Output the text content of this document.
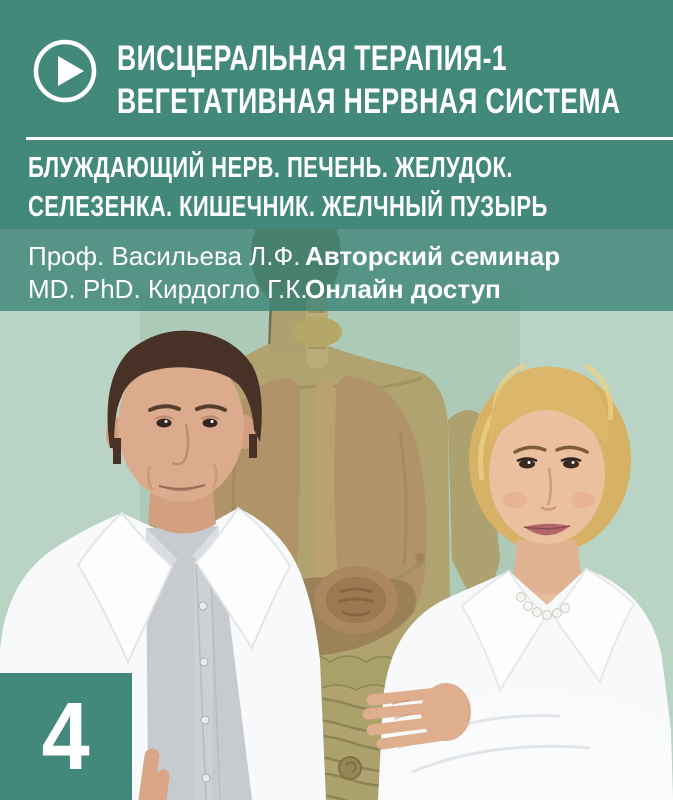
ВИСЦЕРАЛЬНАЯ ТЕРАПИЯ-1
ВЕГЕТАТИВНАЯ НЕРВНАЯ СИСТЕМА
БЛУЖДАЮЩИЙ НЕРВ. ПЕЧЕНЬ. ЖЕЛУДОК.
СЕЛЕЗЕНКА. КИШЕЧНИК. ЖЕЛЧНЫЙ ПУЗЫРЬ
Проф. Васильева Л.Ф.
MD. PhD. Кирдогло Г.К.
Авторский семинар
Онлайн доступ
4
